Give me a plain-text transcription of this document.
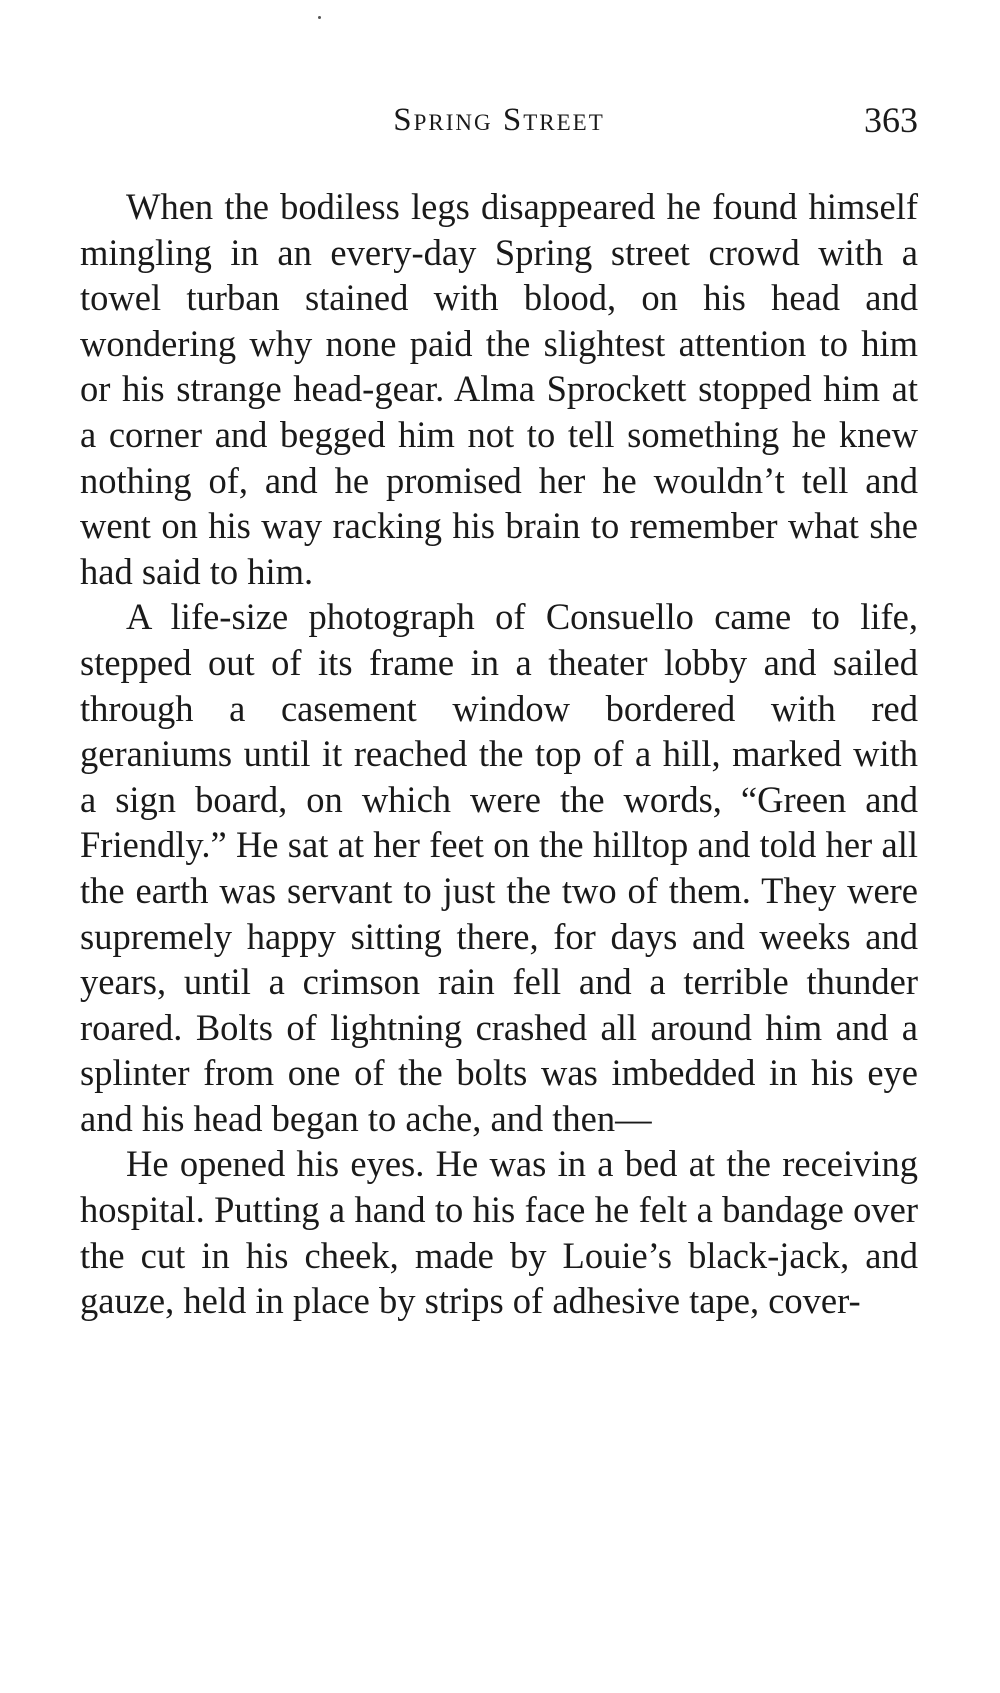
Spring Street	363

When the bodiless legs disappeared he found himself mingling in an every-day Spring street crowd with a towel turban stained with blood, on his head and wondering why none paid the slightest attention to him or his strange head-gear. Alma Sprockett stopped him at a corner and begged him not to tell something he knew nothing of, and he promised her he wouldn’t tell and went on his way racking his brain to remember what she had said to him.

A life-size photograph of Consuello came to life, stepped out of its frame in a theater lobby and sailed through a casement window bordered with red geraniums until it reached the top of a hill, marked with a sign board, on which were the words, “Green and Friendly.” He sat at her feet on the hilltop and told her all the earth was servant to just the two of them. They were supremely happy sitting there, for days and weeks and years, until a crimson rain fell and a terrible thunder roared. Bolts of lightning crashed all around him and a splinter from one of the bolts was imbedded in his eye and his head began to ache, and then—

He opened his eyes. He was in a bed at the receiving hospital. Putting a hand to his face he felt a bandage over the cut in his cheek, made by Louie’s black-jack, and gauze, held in place by strips of adhesive tape, cover-
